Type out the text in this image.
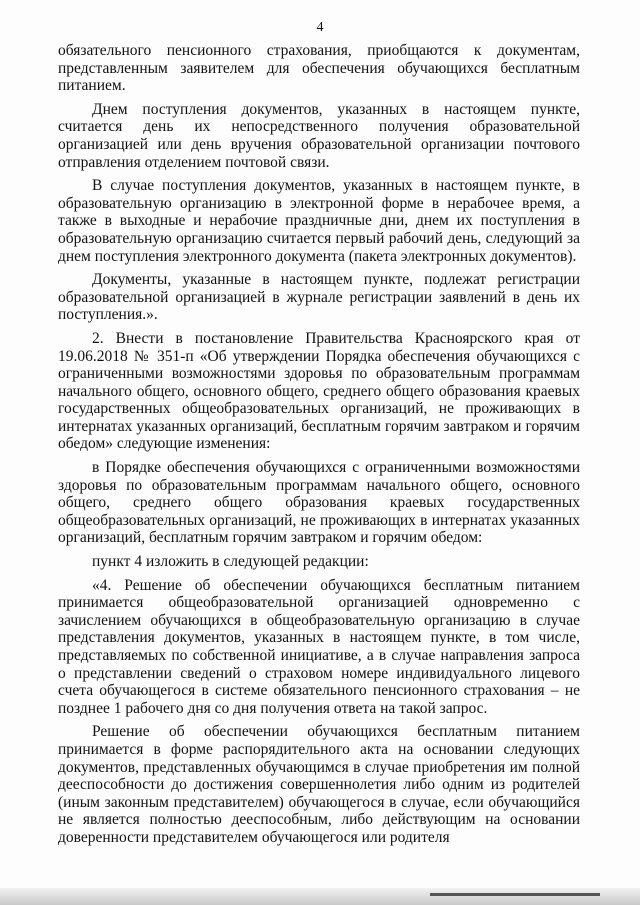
4

обязательного пенсионного страхования, приобщаются к документам, представленным заявителем для обеспечения обучающихся бесплатным питанием.

Днем поступления документов, указанных в настоящем пункте, считается день их непосредственного получения образовательной организацией или день вручения образовательной организации почтового отправления отделением почтовой связи.

В случае поступления документов, указанных в настоящем пункте, в образовательную организацию в электронной форме в нерабочее время, а также в выходные и нерабочие праздничные дни, днем их поступления в образовательную организацию считается первый рабочий день, следующий за днем поступления электронного документа (пакета электронных документов).

Документы, указанные в настоящем пункте, подлежат регистрации образовательной организацией в журнале регистрации заявлений в день их поступления.».

2. Внести в постановление Правительства Красноярского края от 19.06.2018 № 351-п «Об утверждении Порядка обеспечения обучающихся с ограниченными возможностями здоровья по образовательным программам начального общего, основного общего, среднего общего образования краевых государственных общеобразовательных организаций, не проживающих в интернатах указанных организаций, бесплатным горячим завтраком и горячим обедом» следующие изменения:

в Порядке обеспечения обучающихся с ограниченными возможностями здоровья по образовательным программам начального общего, основного общего, среднего общего образования краевых государственных общеобразовательных организаций, не проживающих в интернатах указанных организаций, бесплатным горячим завтраком и горячим обедом:

пункт 4 изложить в следующей редакции:

«4. Решение об обеспечении обучающихся бесплатным питанием принимается общеобразовательной организацией одновременно с зачислением обучающихся в общеобразовательную организацию в случае представления документов, указанных в настоящем пункте, в том числе, представляемых по собственной инициативе, а в случае направления запроса о представлении сведений о страховом номере индивидуального лицевого счета обучающегося в системе обязательного пенсионного страхования – не позднее 1 рабочего дня со дня получения ответа на такой запрос.

Решение об обеспечении обучающихся бесплатным питанием принимается в форме распорядительного акта на основании следующих документов, представленных обучающимся в случае приобретения им полной дееспособности до достижения совершеннолетия либо одним из родителей (иным законным представителем) обучающегося в случае, если обучающийся не является полностью дееспособным, либо действующим на основании доверенности представителем обучающегося или родителя
